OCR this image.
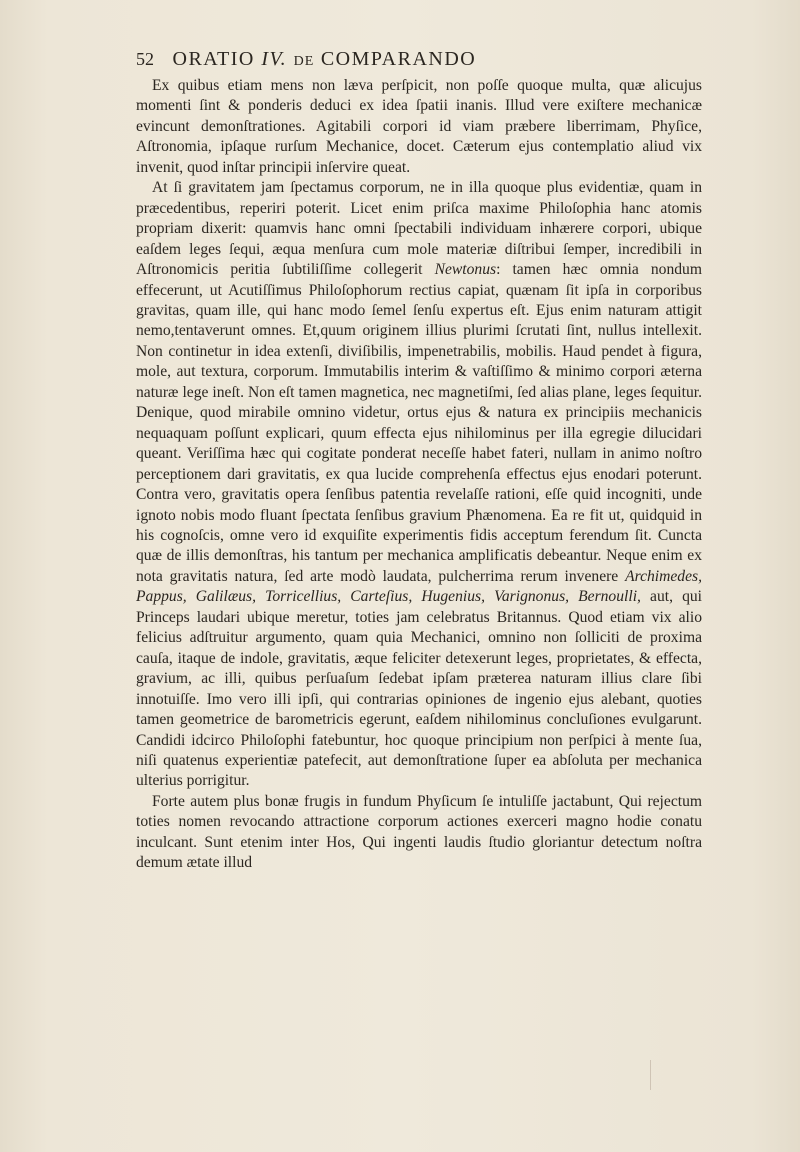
52 ORATIO IV. DE COMPARANDO

Ex quibus etiam mens non læva perſpicit, non poſſe quoque multa, quæ alicujus momenti ſint & ponderis deduci ex idea ſpatii inanis. Illud vere exiſtere mechanicæ evincunt demonſtrationes. Agitabili corpori id viam præbere liberrimam, Phyſice, Aſtronomia, ipſaque rurſum Mechanice, docet. Cæterum ejus contemplatio aliud vix invenit, quod inſtar principii inſervire queat.

At ſi gravitatem jam ſpectamus corporum, ne in illa quoque plus evidentiæ, quam in præcedentibus, reperiri poterit. Licet enim priſca maxime Philoſophia hanc atomis propriam dixerit: quamvis hanc omni ſpectabili individuam inhærere corpori, ubique eaſdem leges ſequi, æqua menſura cum mole materiæ diſtribui ſemper, incredibili in Aſtronomicis peritia ſubtiliſſime collegerit Newtonus: tamen hæc omnia nondum effecerunt, ut Acutiſſimus Philoſophorum rectius capiat, quænam ſit ipſa in corporibus gravitas, quam ille, qui hanc modo ſemel ſenſu expertus eſt. Ejus enim naturam attigit nemo,tentaverunt omnes. Et,quum originem illius plurimi ſcrutati ſint, nullus intellexit. Non continetur in idea extenſi, diviſibilis, impenetrabilis, mobilis. Haud pendet à figura, mole, aut textura, corporum. Immutabilis interim & vaſtiſſimo & minimo corpori æterna naturæ lege ineſt. Non eſt tamen magnetica, nec magnetiſmi, ſed alias plane, leges ſequitur. Denique, quod mirabile omnino videtur, ortus ejus & natura ex principiis mechanicis nequaquam poſſunt explicari, quum effecta ejus nihilominus per illa egregie dilucidari queant. Veriſſima hæc qui cogitate ponderat neceſſe habet fateri, nullam in animo noſtro perceptionem dari gravitatis, ex qua lucide comprehenſa effectus ejus enodari poterunt. Contra vero, gravitatis opera ſenſibus patentia revelaſſe rationi, eſſe quid incogniti, unde ignoto nobis modo fluant ſpectata ſenſibus gravium Phænomena. Ea re fit ut, quidquid in his cognoſcis, omne vero id exquiſite experimentis fidis acceptum ferendum ſit. Cuncta quæ de illis demonſtras, his tantum per mechanica amplificatis debeantur. Neque enim ex nota gravitatis natura, ſed arte modò laudata, pulcherrima rerum invenere Archimedes, Pappus, Galilæus, Torricellius, Carteſius, Hugenius, Varignonus, Bernoulli, aut, qui Princeps laudari ubique meretur, toties jam celebratus Britannus. Quod etiam vix alio felicius adſtruitur argumento, quam quia Mechanici, omnino non ſolliciti de proxima cauſa, itaque de indole, gravitatis, æque feliciter detexerunt leges, proprietates, & effecta, gravium, ac illi, quibus perſuaſum ſedebat ipſam præterea naturam illius clare ſibi innotuiſſe. Imo vero illi ipſi, qui contrarias opiniones de ingenio ejus alebant, quoties tamen geometrice de barometricis egerunt, eaſdem nihilominus concluſiones evulgarunt. Candidi idcirco Philoſophi fatebuntur, hoc quoque principium non perſpici à mente ſua, niſi quatenus experientiæ patefecit, aut demonſtratione ſuper ea abſoluta per mechanica ulterius porrigitur.

Forte autem plus bonæ frugis in fundum Phyſicum ſe intuliſſe jactabunt, Qui rejectum toties nomen revocando attractione corporum actiones exerceri magno hodie conatu inculcant. Sunt etenim inter Hos, Qui ingenti laudis ſtudio gloriantur detectum noſtra demum ætate illud
